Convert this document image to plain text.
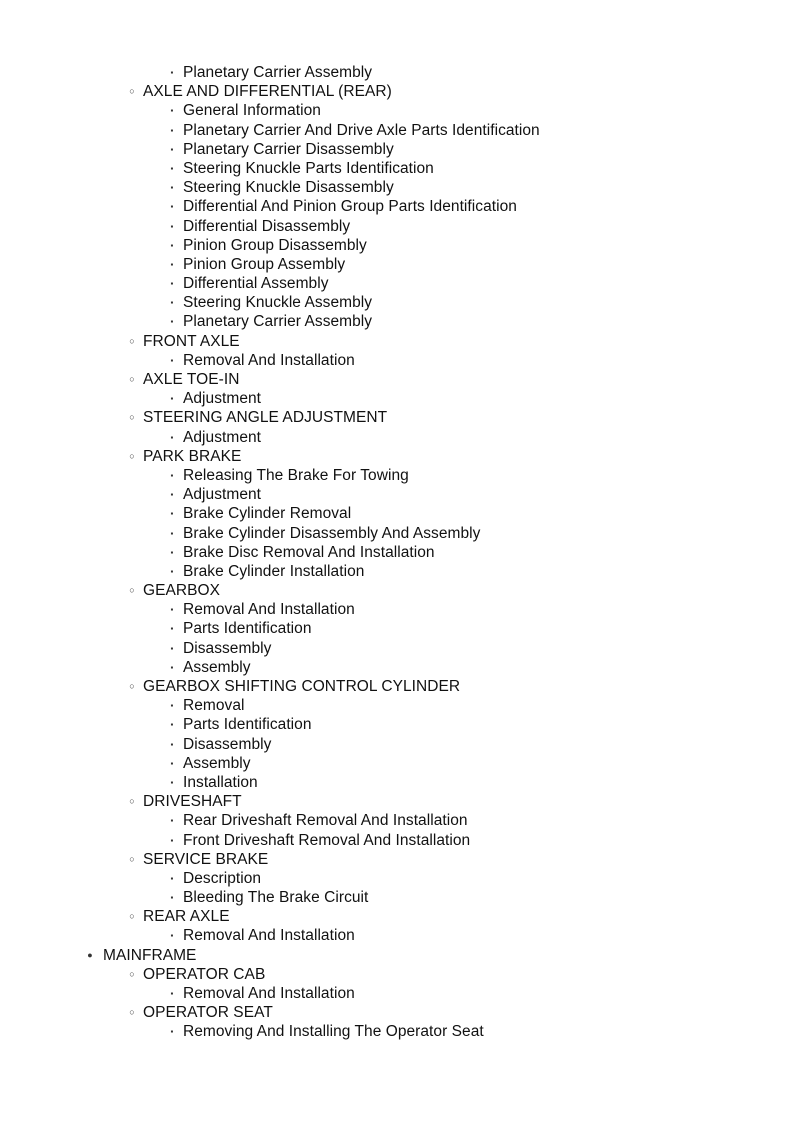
▪ Planetary Carrier Assembly
○ AXLE AND DIFFERENTIAL (REAR)
▪ General Information
▪ Planetary Carrier And Drive Axle Parts Identification
▪ Planetary Carrier Disassembly
▪ Steering Knuckle Parts Identification
▪ Steering Knuckle Disassembly
▪ Differential And Pinion Group Parts Identification
▪ Differential Disassembly
▪ Pinion Group Disassembly
▪ Pinion Group Assembly
▪ Differential Assembly
▪ Steering Knuckle Assembly
▪ Planetary Carrier Assembly
○ FRONT AXLE
▪ Removal And Installation
○ AXLE TOE-IN
▪ Adjustment
○ STEERING ANGLE ADJUSTMENT
▪ Adjustment
○ PARK BRAKE
▪ Releasing The Brake For Towing
▪ Adjustment
▪ Brake Cylinder Removal
▪ Brake Cylinder Disassembly And Assembly
▪ Brake Disc Removal And Installation
▪ Brake Cylinder Installation
○ GEARBOX
▪ Removal And Installation
▪ Parts Identification
▪ Disassembly
▪ Assembly
○ GEARBOX SHIFTING CONTROL CYLINDER
▪ Removal
▪ Parts Identification
▪ Disassembly
▪ Assembly
▪ Installation
○ DRIVESHAFT
▪ Rear Driveshaft Removal And Installation
▪ Front Driveshaft Removal And Installation
○ SERVICE BRAKE
▪ Description
▪ Bleeding The Brake Circuit
○ REAR AXLE
▪ Removal And Installation
● MAINFRAME
○ OPERATOR CAB
▪ Removal And Installation
○ OPERATOR SEAT
▪ Removing And Installing The Operator Seat
